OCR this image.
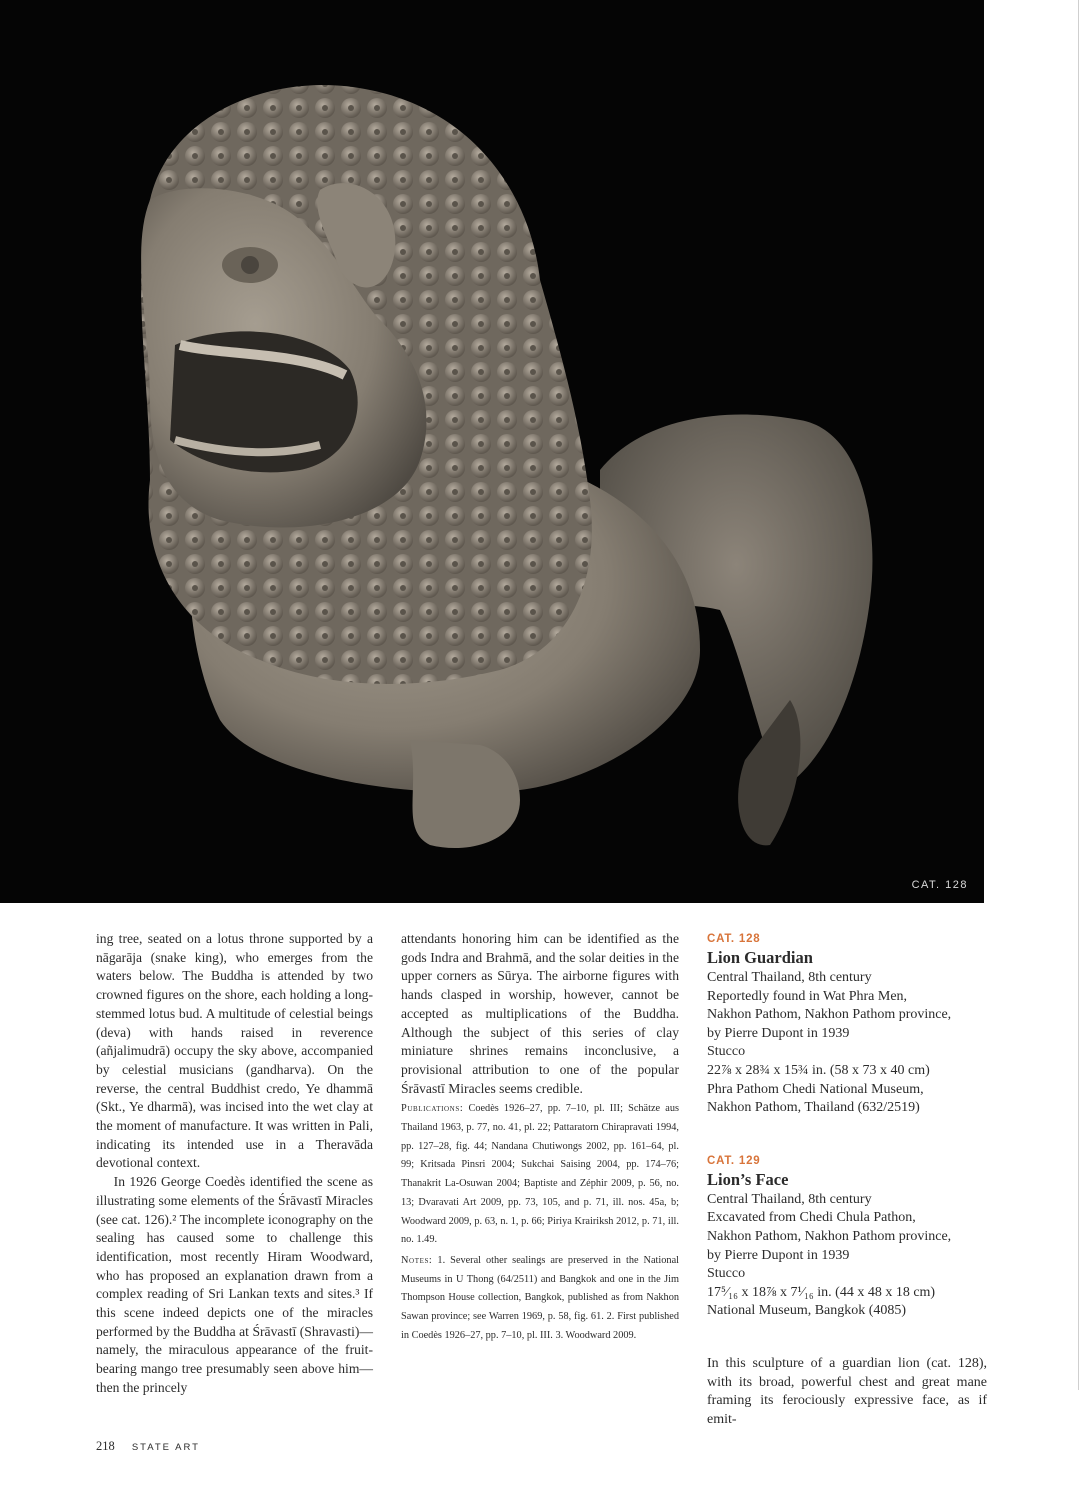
CAT. 128

ing tree, seated on a lotus throne supported by a nāgarāja (snake king), who emerges from the waters below. The Buddha is attended by two crowned figures on the shore, each holding a long-stemmed lotus bud. A multitude of celestial beings (deva) with hands raised in reverence (añjalimudrā) occupy the sky above, accompanied by celestial musicians (gandharva). On the reverse, the central Buddhist credo, Ye dhammā (Skt., Ye dharmā), was incised into the wet clay at the moment of manufacture. It was written in Pali, indicating its intended use in a Theravāda devotional context.

In 1926 George Coedès identified the scene as illustrating some elements of the Śrāvastī Miracles (see cat. 126).² The incomplete iconography on the sealing has caused some to challenge this identification, most recently Hiram Woodward, who has proposed an explanation drawn from a complex reading of Sri Lankan texts and sites.³ If this scene indeed depicts one of the miracles performed by the Buddha at Śrāvastī (Shravasti)—namely, the miraculous appearance of the fruit-bearing mango tree presumably seen above him—then the princely

attendants honoring him can be identified as the gods Indra and Brahmā, and the solar deities in the upper corners as Sūrya. The airborne figures with hands clasped in worship, however, cannot be accepted as multiplications of the Buddha. Although the subject of this series of clay miniature shrines remains inconclusive, a provisional attribution to one of the popular Śrāvastī Miracles seems credible.

Publications: Coedès 1926–27, pp. 7–10, pl. III; Schätze aus Thailand 1963, p. 77, no. 41, pl. 22; Pattaratorn Chirapravati 1994, pp. 127–28, fig. 44; Nandana Chutiwongs 2002, pp. 161–64, pl. 99; Kritsada Pinsri 2004; Sukchai Saising 2004, pp. 174–76; Thanakrit La-Osuwan 2004; Baptiste and Zéphir 2009, p. 56, no. 13; Dvaravati Art 2009, pp. 73, 105, and p. 71, ill. nos. 45a, b; Woodward 2009, p. 63, n. 1, p. 66; Piriya Krairiksh 2012, p. 71, ill. no. 1.49.
Notes: 1. Several other sealings are preserved in the National Museums in U Thong (64/2511) and Bangkok and one in the Jim Thompson House collection, Bangkok, published as from Nakhon Sawan province; see Warren 1969, p. 58, fig. 61. 2. First published in Coedès 1926–27, pp. 7–10, pl. III. 3. Woodward 2009.
CAT. 128
Lion Guardian
Central Thailand, 8th century
Reportedly found in Wat Phra Men,
Nakhon Pathom, Nakhon Pathom province,
by Pierre Dupont in 1939
Stucco
22⅞ x 28¾ x 15¾ in. (58 x 73 x 40 cm)
Phra Pathom Chedi National Museum,
Nakhon Pathom, Thailand (632/2519)
CAT. 129
Lion’s Face
Central Thailand, 8th century
Excavated from Chedi Chula Pathon,
Nakhon Pathom, Nakhon Pathom province,
by Pierre Dupont in 1939
Stucco
17⁵⁄₁₆ x 18⅞ x 7¹⁄₁₆ in. (44 x 48 x 18 cm)
National Museum, Bangkok (4085)

In this sculpture of a guardian lion (cat. 128), with its broad, powerful chest and great mane framing its ferociously expressive face, as if emit-

218 STATE ART
